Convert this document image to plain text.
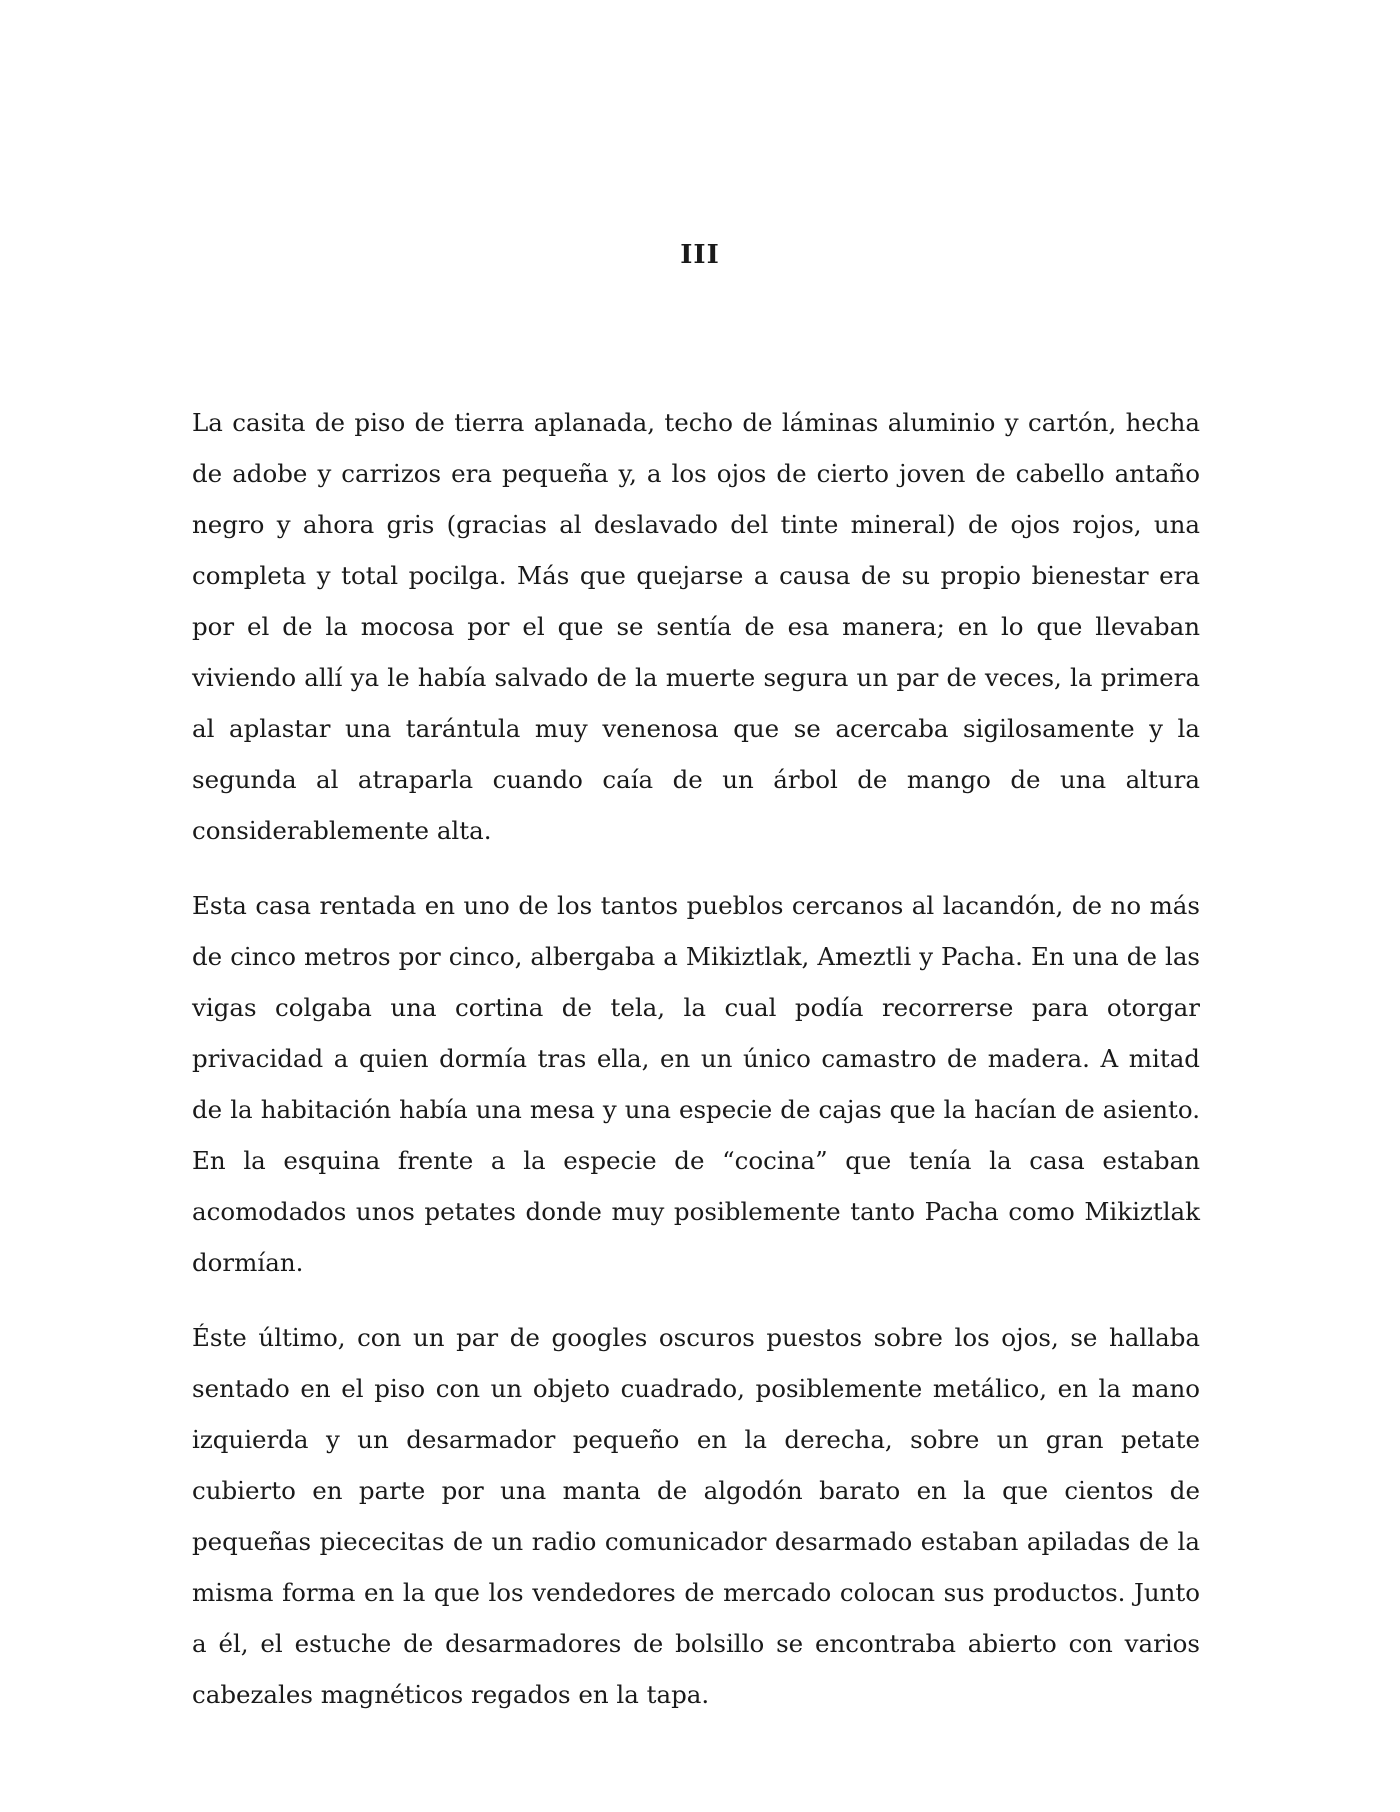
III

La casita de piso de tierra aplanada, techo de láminas aluminio y cartón, hecha de adobe y carrizos era pequeña y, a los ojos de cierto joven de cabello antaño negro y ahora gris (gracias al deslavado del tinte mineral) de ojos rojos, una completa y total pocilga. Más que quejarse a causa de su propio bienestar era por el de la mocosa por el que se sentía de esa manera; en lo que llevaban viviendo allí ya le había salvado de la muerte segura un par de veces, la primera al aplastar una tarántula muy venenosa que se acercaba sigilosamente y la segunda al atraparla cuando caía de un árbol de mango de una altura considerablemente alta.

Esta casa rentada en uno de los tantos pueblos cercanos al lacandón, de no más de cinco metros por cinco, albergaba a Mikiztlak, Ameztli y Pacha. En una de las vigas colgaba una cortina de tela, la cual podía recorrerse para otorgar privacidad a quien dormía tras ella, en un único camastro de madera. A mitad de la habitación había una mesa y una especie de cajas que la hacían de asiento. En la esquina frente a la especie de “cocina” que tenía la casa estaban acomodados unos petates donde muy posiblemente tanto Pacha como Mikiztlak dormían.

Éste último, con un par de googles oscuros puestos sobre los ojos, se hallaba sentado en el piso con un objeto cuadrado, posiblemente metálico, en la mano izquierda y un desarmador pequeño en la derecha, sobre un gran petate cubierto en parte por una manta de algodón barato en la que cientos de pequeñas piececitas de un radio comunicador desarmado estaban apiladas de la misma forma en la que los vendedores de mercado colocan sus productos. Junto a él, el estuche de desarmadores de bolsillo se encontraba abierto con varios cabezales magnéticos regados en la tapa.
